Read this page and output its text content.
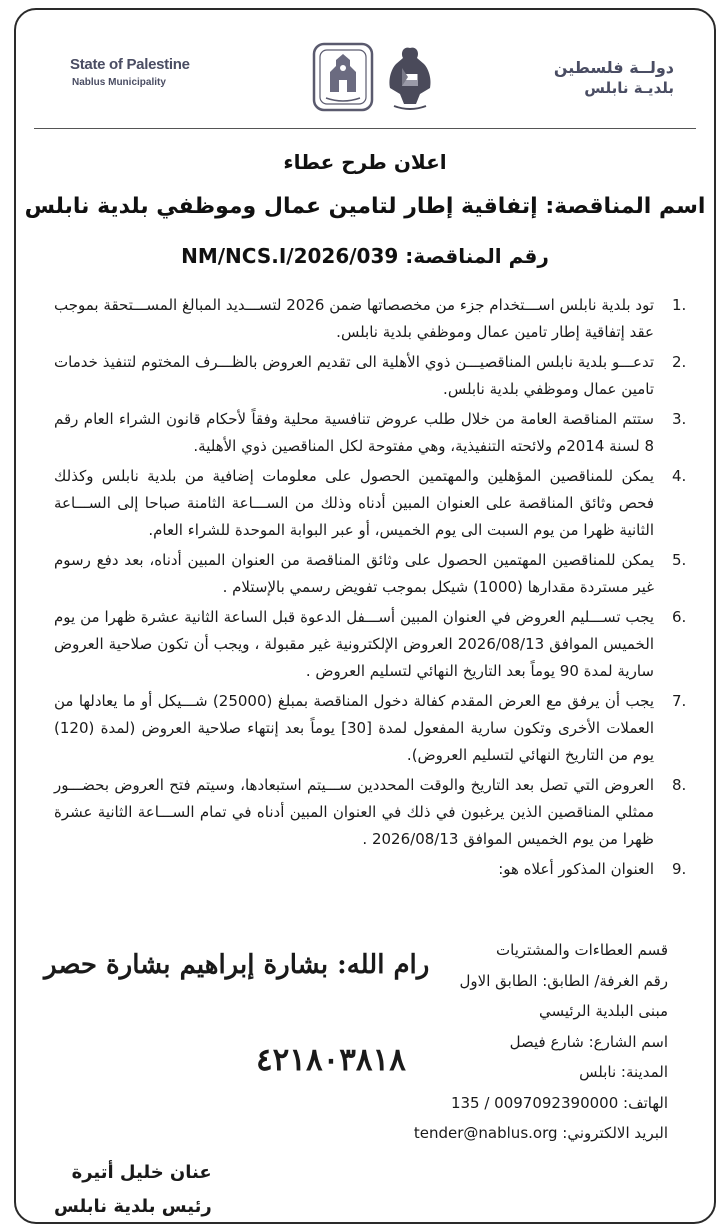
State of Palestine
Nablus Municipality
دولــة فلسطين
بلديـة نابلس
اعلان طرح عطاء
اسم المناقصة: إتفاقية إطار لتامين عمال وموظفي بلدية نابلس
رقم المناقصة: NM/NCS.I/2026/039
1.
تود بلدية نابلس اســـتخدام جزء من مخصصاتها ضمن 2026 لتســـديد المبالغ المســـتحقة بموجب عقد إتفاقية إطار تامين عمال وموظفي بلدية نابلس.
2.
تدعـــو بلدية نابلس المناقصيـــن ذوي الأهلية الى تقديم العروض بالظـــرف المختوم لتنفيذ خدمات تامين عمال وموظفي بلدية نابلس.
3.
ستتم المناقصة العامة من خلال طلب عروض تنافسية محلية وفقاً لأحكام قانون الشراء العام رقم 8 لسنة 2014م ولائحته التنفيذية، وهي مفتوحة لكل المناقصين ذوي الأهلية.
4.
يمكن للمناقصين المؤهلين والمهتمين الحصول على معلومات إضافية من بلدية نابلس وكذلك فحص وثائق المناقصة على العنوان المبين أدناه وذلك من الســـاعة الثامنة صباحا إلى الســـاعة الثانية ظهرا من يوم السبت الى يوم الخميس، أو عبر البوابة الموحدة للشراء العام.
5.
يمكن للمناقصين المهتمين الحصول على وثائق المناقصة من العنوان المبين أدناه، بعد دفع رسوم غير مستردة مقدارها (1000) شيكل بموجب تفويض رسمي بالإستلام .
6.
يجب تســـليم العروض في العنوان المبين أســـفل الدعوة قبل الساعة الثانية عشرة ظهرا من يوم الخميس الموافق 2026/08/13 العروض الإلكترونية غير مقبولة ، ويجب أن تكون صلاحية العروض سارية لمدة 90 يوماً بعد التاريخ النهائي لتسليم العروض .
7.
يجب أن يرفق مع العرض المقدم كفالة دخول المناقصة بمبلغ (25000) شـــيكل أو ما يعادلها من العملات الأخرى وتكون سارية المفعول لمدة [30] يوماً بعد إنتهاء صلاحية العروض (لمدة (120) يوم من التاريخ النهائي لتسليم العروض).
8.
العروض التي تصل بعد التاريخ والوقت المحددين ســـيتم استبعادها، وسيتم فتح العروض بحضـــور ممثلي المناقصين الذين يرغبون في ذلك في العنوان المبين أدناه في تمام الســـاعة الثانية عشرة ظهرا من يوم الخميس الموافق 2026/08/13 .
9.
العنوان المذكور أعلاه هو:
قسم العطاءات والمشتريات
رقم الغرفة/ الطابق: الطابق الاول
مبنى البلدية الرئيسي
اسم الشارع: شارع فيصل
المدينة: نابلس
الهاتف: 0097092390000 / 135
البريد الالكتروني: tender@nablus.org
رام الله: بشارة إبراهيم بشارة حصر
٤٢١٨٠٣٨١٨
عنان خليل أتيرة
رئيس بلدية نابلس
